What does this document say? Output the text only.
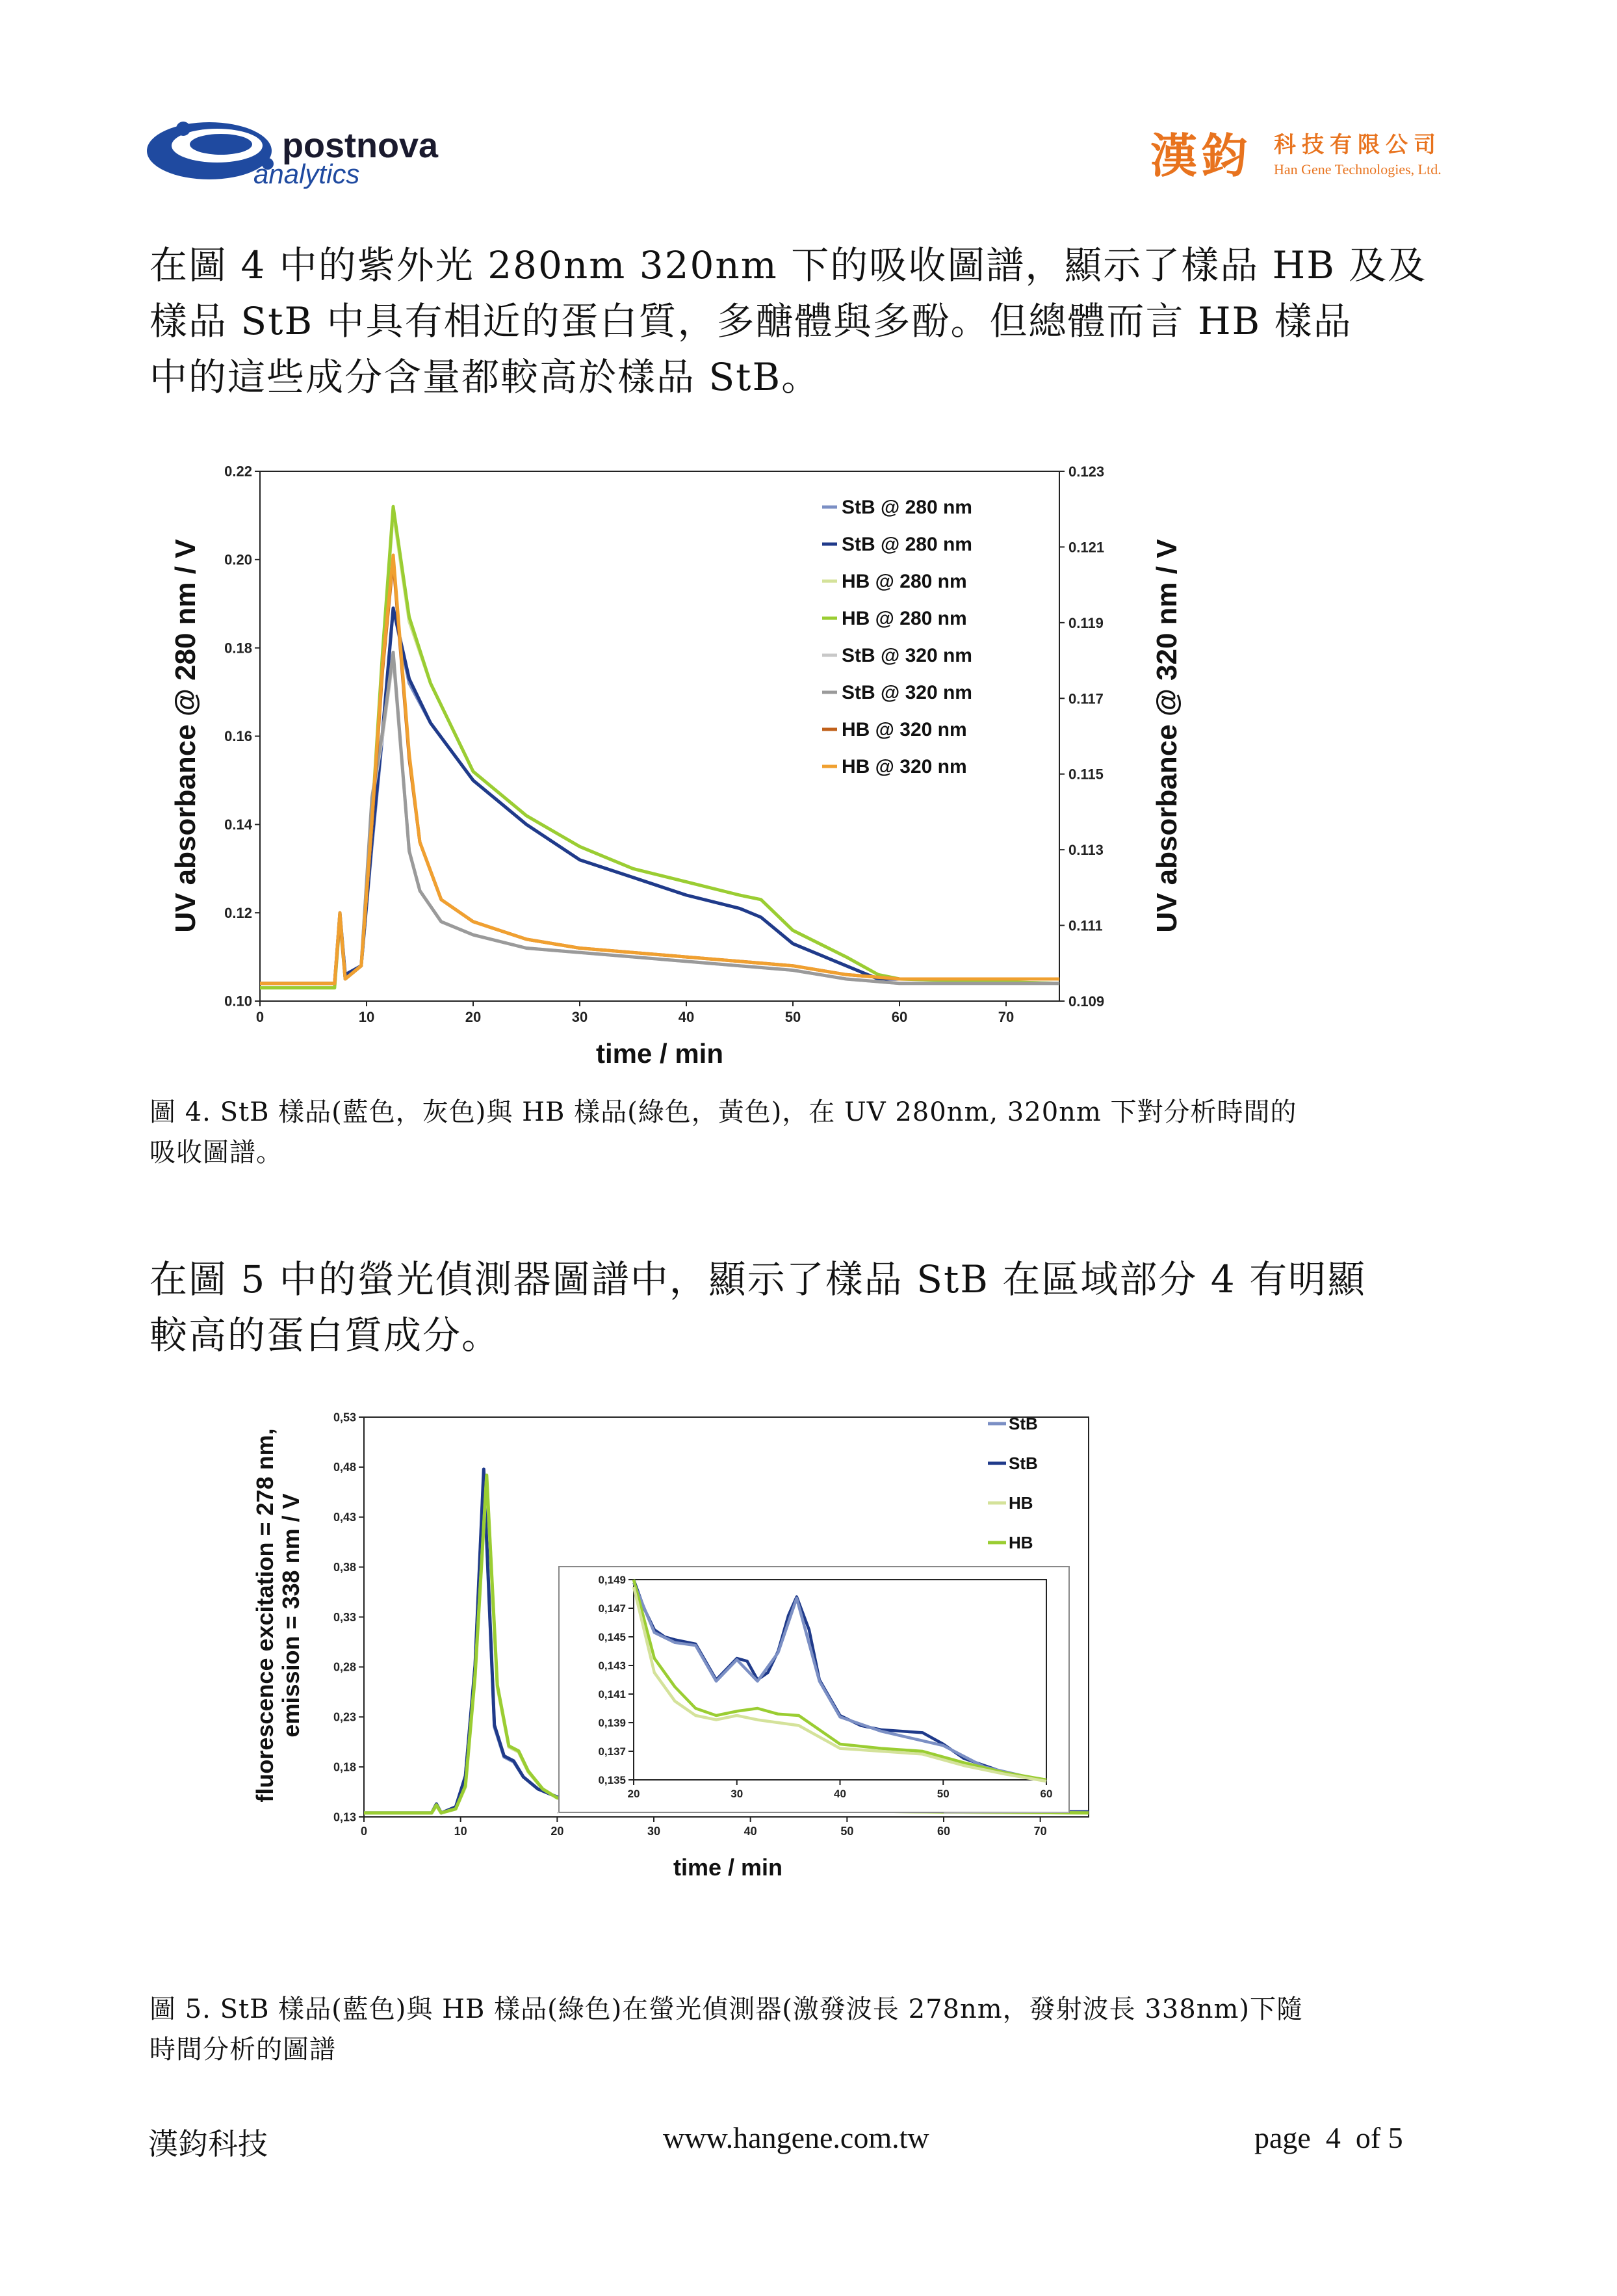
postnova
analytics	漢鈞 科技有限公司
Han Gene Technologies, Ltd.
在圖 4 中的紫外光 280nm 320nm 下的吸收圖譜，顯示了樣品 HB 及及
樣品 StB 中具有相近的蛋白質，多醣體與多酚。但總體而言 HB 樣品
中的這些成分含量都較高於樣品 StB。
0	10	20	30	40	50	60	70
0.10
0.12
0.14
0.16
0.18
0.20
0.22
0.109
0.111
0.113
0.115
0.117
0.119
0.121
0.123
time / min
UV absorbance @ 280 nm / V	UV absorbance @ 320 nm / V
StB @ 280 nm
StB @ 280 nm
HB @ 280 nm
HB @ 280 nm
StB @ 320 nm
StB @ 320 nm
HB @ 320 nm
HB @ 320 nm
圖 4. StB 樣品(藍色，灰色)與 HB 樣品(綠色，黃色)，在 UV 280nm, 320nm 下對分析時間的
吸收圖譜。
在圖 5 中的螢光偵測器圖譜中，顯示了樣品 StB 在區域部分 4 有明顯
較高的蛋白質成分。
0	10	20	30	40	50	60	70
0,13
0,18
0,23
0,28
0,33
0,38
0,43
0,48
0,53
time / min
fluorescence excitation = 278 nm,emission = 338 nm / V
StB
StB
HB
HB
20	30	40	50	60
0,135
0,137
0,139
0,141
0,143
0,145
0,147
0,149
圖 5. StB 樣品(藍色)與 HB 樣品(綠色)在螢光偵測器(激發波長 278nm，發射波長 338nm)下隨
時間分析的圖譜
漢鈞科技	www.hangene.com.tw	page  4  of 5
